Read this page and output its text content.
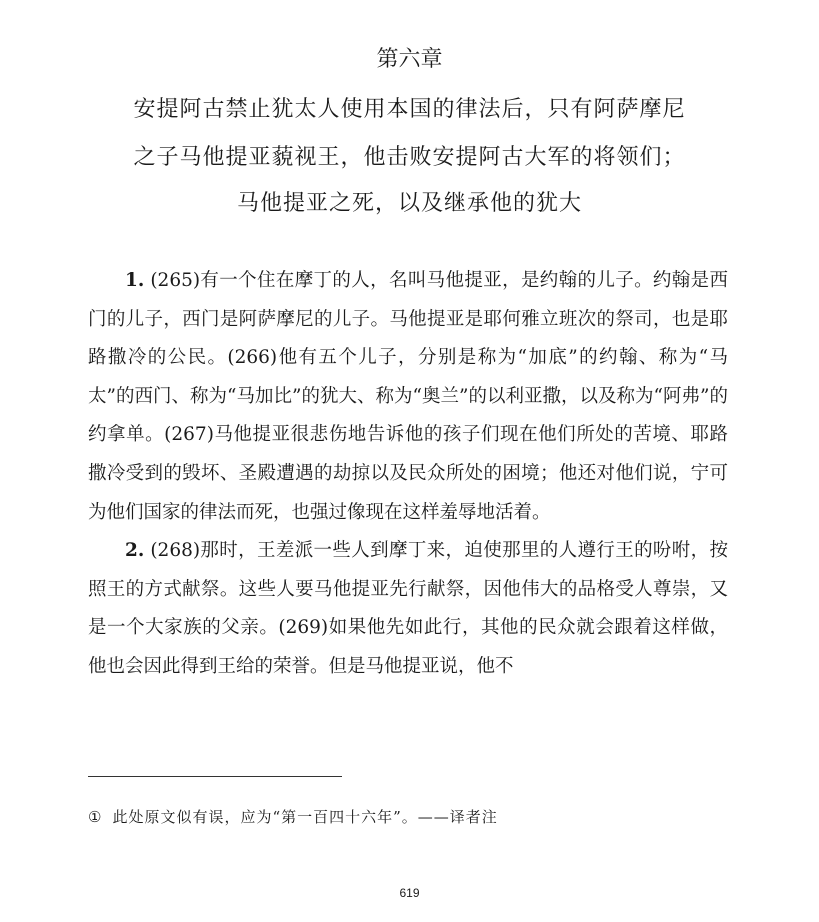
第六章
安提阿古禁止犹太人使用本国的律法后，只有阿萨摩尼
之子马他提亚藐视王，他击败安提阿古大军的将领们；
马他提亚之死，以及继承他的犹大

1. (265)有一个住在摩丁的人，名叫马他提亚，是约翰的儿子。约翰是西门的儿子，西门是阿萨摩尼的儿子。马他提亚是耶何雅立班次的祭司，也是耶路撒冷的公民。(266)他有五个儿子，分别是称为“加底”的约翰、称为“马太”的西门、称为“马加比”的犹大、称为“奥兰”的以利亚撒，以及称为“阿弗”的约拿单。(267)马他提亚很悲伤地告诉他的孩子们现在他们所处的苦境、耶路撒冷受到的毁坏、圣殿遭遇的劫掠以及民众所处的困境；他还对他们说，宁可为他们国家的律法而死，也强过像现在这样羞辱地活着。

2. (268)那时，王差派一些人到摩丁来，迫使那里的人遵行王的吩咐，按照王的方式献祭。这些人要马他提亚先行献祭，因他伟大的品格受人尊崇，又是一个大家族的父亲。(269)如果他先如此行，其他的民众就会跟着这样做，他也会因此得到王给的荣誉。但是马他提亚说，他不

① 此处原文似有误，应为“第一百四十六年”。——译者注
619
